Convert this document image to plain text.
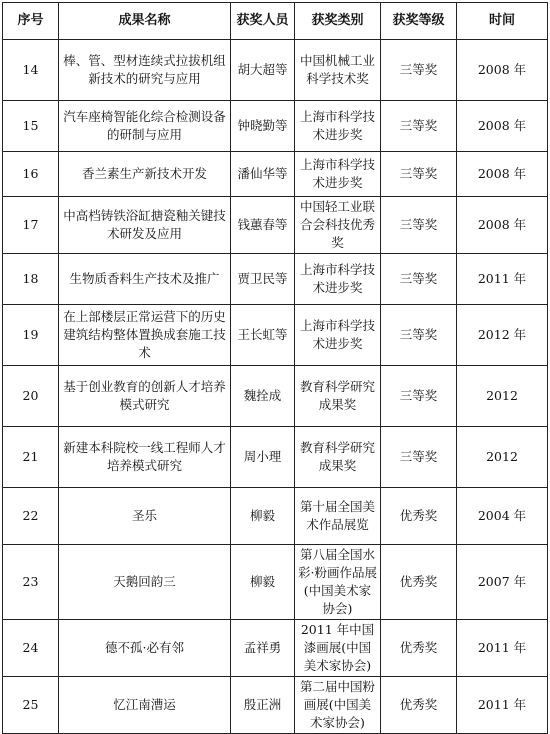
序号	成果名称	获奖人员	获奖类别	获奖等级	时间
14	棒、管、型材连续式拉拔机组新技术的研究与应用	胡大超等	中国机械工业科学技术奖	三等奖	2008 年
15	汽车座椅智能化综合检测设备的研制与应用	钟晓勤等	上海市科学技术进步奖	三等奖	2008 年
16	香兰素生产新技术开发	潘仙华等	上海市科学技术进步奖	三等奖	2008 年
17	中高档铸铁浴缸搪瓷釉关键技术研发及应用	钱蕙春等	中国轻工业联合会科技优秀奖	三等奖	2008 年
18	生物质香料生产技术及推广	贾卫民等	上海市科学技术进步奖	三等奖	2011 年
19	在上部楼层正常运营下的历史建筑结构整体置换成套施工技术	王长虹等	上海市科学技术进步奖	三等奖	2012 年
20	基于创业教育的创新人才培养模式研究	魏拴成	教育科学研究成果奖	三等奖	2012
21	新建本科院校一线工程师人才培养模式研究	周小理	教育科学研究成果奖	三等奖	2012
22	圣乐	柳毅	第十届全国美术作品展览	优秀奖	2004 年
23	天鹅回韵三	柳毅	第八届全国水彩·粉画作品展(中国美术家协会)	优秀奖	2007 年
24	德不孤·必有邻	孟祥勇	2011 年中国漆画展(中国美术家协会)	优秀奖	2011 年
25	忆江南漕运	殷正洲	第二届中国粉画展(中国美术家协会)	优秀奖	2011 年
